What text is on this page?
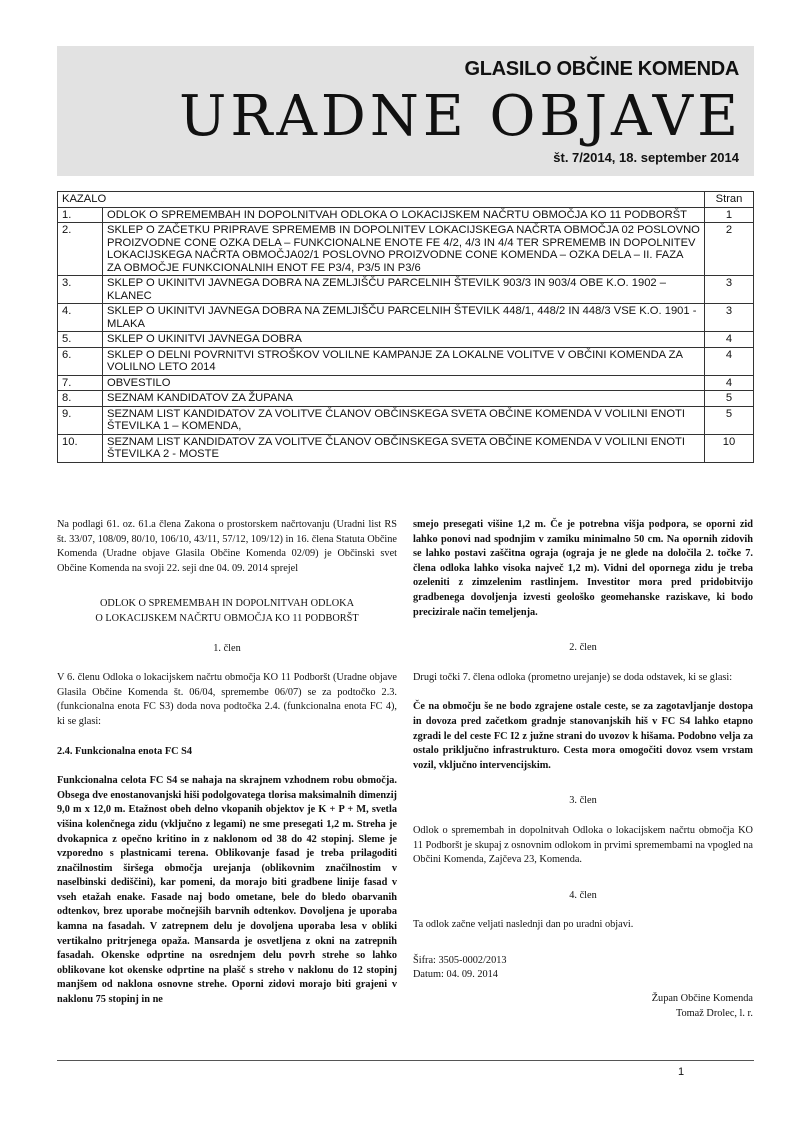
GLASILO OBČINE KOMENDA
URADNE OBJAVE
št. 7/2014, 18. september 2014
KAZALO		Stran
1.	ODLOK O SPREMEMBAH IN DOPOLNITVAH ODLOKA O LOKACIJSKEM NAČRTU OBMOČJA KO 11 PODBORŠT	1
2.	SKLEP O ZAČETKU PRIPRAVE SPREMEMB IN DOPOLNITEV LOKACIJSKEGA NAČRTA OBMOČJA 02 POSLOVNO PROIZVODNE CONE OZKA DELA – FUNKCIONALNE ENOTE FE 4/2, 4/3 IN 4/4 TER SPREMEMB IN DOPOLNITEV LOKACIJSKEGA NAČRTA OBMOČJA02/1 POSLOVNO PROIZVODNE CONE KOMENDA – OZKA DELA – II. FAZA ZA OBMOČJE FUNKCIONALNIH ENOT FE P3/4, P3/5 IN P3/6	2
3.	SKLEP O UKINITVI JAVNEGA DOBRA NA ZEMLJIŠČU PARCELNIH ŠTEVILK 903/3 IN 903/4 OBE K.O. 1902 – KLANEC	3
4.	SKLEP O UKINITVI JAVNEGA DOBRA NA ZEMLJIŠČU PARCELNIH ŠTEVILK 448/1, 448/2 IN 448/3 VSE K.O. 1901 - MLAKA	3
5.	SKLEP O UKINITVI JAVNEGA DOBRA	4
6.	SKLEP O DELNI POVRNITVI STROŠKOV VOLILNE KAMPANJE ZA LOKALNE VOLITVE V OBČINI KOMENDA ZA VOLILNO LETO 2014	4
7.	OBVESTILO	4
8.	SEZNAM KANDIDATOV ZA ŽUPANA	5
9.	SEZNAM LIST KANDIDATOV ZA VOLITVE ČLANOV OBČINSKEGA SVETA OBČINE KOMENDA V VOLILNI ENOTI ŠTEVILKA 1 – KOMENDA,	5
10.	SEZNAM LIST KANDIDATOV ZA VOLITVE ČLANOV OBČINSKEGA SVETA OBČINE KOMENDA V VOLILNI ENOTI ŠTEVILKA 2 - MOSTE	10

Na podlagi 61. oz. 61.a člena Zakona o prostorskem načrtovanju (Uradni list RS št. 33/07, 108/09, 80/10, 106/10, 43/11, 57/12, 109/12) in 16. člena Statuta Občine Komenda (Uradne objave Glasila Občine Komenda 02/09) je Občinski svet Občine Komenda na svoji 22. seji dne 04. 09. 2014 sprejel

ODLOK O SPREMEMBAH IN DOPOLNITVAH ODLOKA

O LOKACIJSKEM NAČRTU OBMOČJA KO 11 PODBORŠT

1. člen

V 6. členu Odloka o lokacijskem načrtu območja KO 11 Podboršt (Uradne objave Glasila Občine Komenda št. 06/04, spremembe 06/07) se za podtočko 2.3. (funkcionalna enota FC S3) doda nova podtočka 2.4. (funkcionalna enota FC 4), ki se glasi:

2.4. Funkcionalna enota FC S4

Funkcionalna celota FC S4 se nahaja na skrajnem vzhodnem robu območja. Obsega dve enostanovanjski hiši podolgovatega tlorisa maksimalnih dimenzij 9,0 m x 12,0 m. Etažnost obeh delno vkopanih objektov je K + P + M, svetla višina kolenčnega zidu (vključno z legami) ne sme presegati 1,2 m. Streha je dvokapnica z opečno kritino in z naklonom od 38 do 42 stopinj. Sleme je vzporedno s plastnicami terena. Oblikovanje fasad je treba prilagoditi značilnostim širšega območja urejanja (oblikovnim značilnostim v naselbinski dediščini), kar pomeni, da morajo biti gradbene linije fasad v vseh etažah enake. Fasade naj bodo ometane, bele do bledo obarvanih odtenkov, brez uporabe močnejših barvnih odtenkov. Dovoljena je uporaba kamna na fasadah. V zatrepnem delu je dovoljena uporaba lesa v obliki vertikalno pritrjenega opaža. Mansarda je osvetljena z okni na zatrepnih fasadah. Okenske odprtine na osrednjem delu povrh strehe so lahko oblikovane kot okenske odprtine na plašč s streho v naklonu do 12 stopinj manjšem od naklona osnovne strehe. Oporni zidovi morajo biti grajeni v naklonu 75 stopinj in ne

smejo presegati višine 1,2 m. Če je potrebna višja podpora, se oporni zid lahko ponovi nad spodnjim v zamiku minimalno 50 cm. Na opornih zidovih se lahko postavi zaščitna ograja (ograja je ne glede na določila 2. točke 7. člena odloka lahko visoka največ 1,2 m). Vidni del opornega zidu je treba ozeleniti z zimzelenim rastlinjem. Investitor mora pred pridobitvijo gradbenega dovoljenja izvesti geološko geomehanske raziskave, ki bodo precizirale način temeljenja.

2. člen

Drugi točki 7. člena odloka (prometno urejanje) se doda odstavek, ki se glasi:

Če na območju še ne bodo zgrajene ostale ceste, se za zagotavljanje dostopa in dovoza pred začetkom gradnje stanovanjskih hiš v FC S4 lahko etapno zgradi le del ceste FC I2 z južne strani do uvozov k hišama. Podobno velja za ostalo priključno infrastrukturo. Cesta mora omogočiti dovoz vsem vrstam vozil, vključno intervencijskim.

3. člen

Odlok o spremembah in dopolnitvah Odloka o lokacijskem načrtu območja KO 11 Podboršt je skupaj z osnovnim odlokom in prvimi spremembami na vpogled na Občini Komenda, Zajčeva 23, Komenda.

4. člen

Ta odlok začne veljati naslednji dan po uradni objavi.

Šifra: 3505-0002/2013

Datum: 04. 09. 2014

Župan Občine Komenda

Tomaž Drolec, l. r.

1
